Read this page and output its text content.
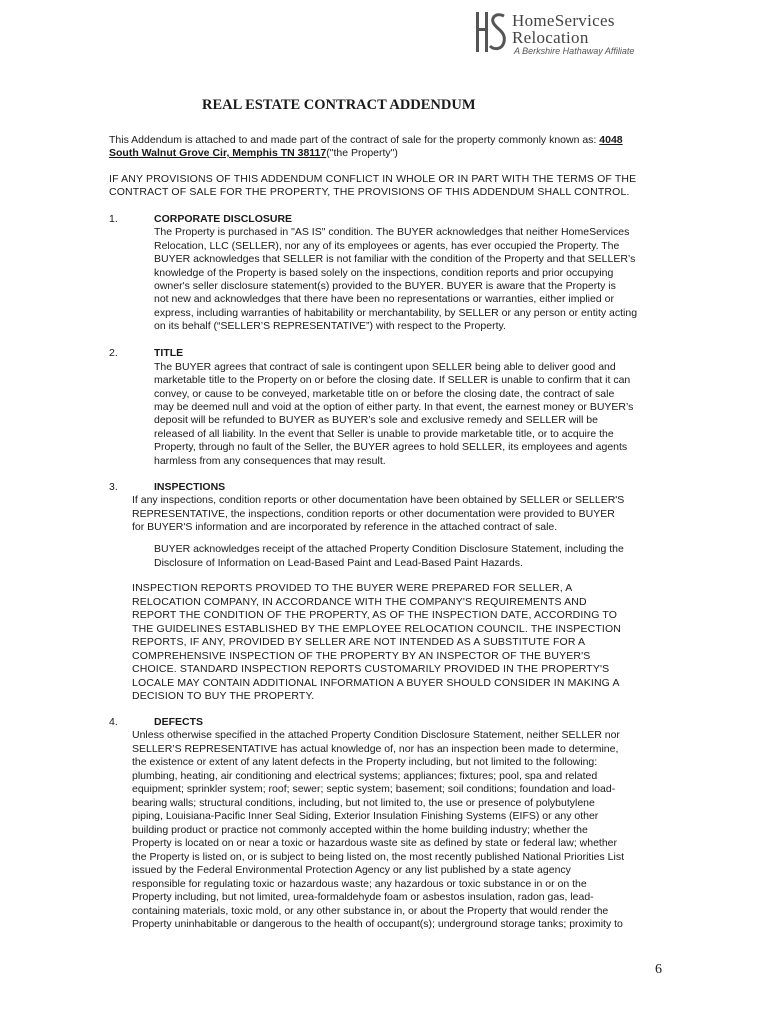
HomeServices
Relocation
A Berkshire Hathaway Affiliate
REAL ESTATE CONTRACT ADDENDUM
This Addendum is attached to and made part of the contract of sale for the property commonly known as: 4048
South Walnut Grove Cir, Memphis TN 38117("the Property")
IF ANY PROVISIONS OF THIS ADDENDUM CONFLICT IN WHOLE OR IN PART WITH THE TERMS OF THE
CONTRACT OF SALE FOR THE PROPERTY, THE PROVISIONS OF THIS ADDENDUM SHALL CONTROL.
1.	CORPORATE DISCLOSURE
The Property is purchased in "AS IS" condition. The BUYER acknowledges that neither HomeServices
Relocation, LLC (SELLER), nor any of its employees or agents, has ever occupied the Property. The
BUYER acknowledges that SELLER is not familiar with the condition of the Property and that SELLER’s
knowledge of the Property is based solely on the inspections, condition reports and prior occupying
owner's seller disclosure statement(s) provided to the BUYER. BUYER is aware that the Property is
not new and acknowledges that there have been no representations or warranties, either implied or
express, including warranties of habitability or merchantability, by SELLER or any person or entity acting
on its behalf (“SELLER’S REPRESENTATIVE”) with respect to the Property.
2.	TITLE
The BUYER agrees that contract of sale is contingent upon SELLER being able to deliver good and
marketable title to the Property on or before the closing date. If SELLER is unable to confirm that it can
convey, or cause to be conveyed, marketable title on or before the closing date, the contract of sale
may be deemed null and void at the option of either party. In that event, the earnest money or BUYER’s
deposit will be refunded to BUYER as BUYER’s sole and exclusive remedy and SELLER will be
released of all liability. In the event that Seller is unable to provide marketable title, or to acquire the
Property, through no fault of the Seller, the BUYER agrees to hold SELLER, its employees and agents
harmless from any consequences that may result.
3.	INSPECTIONS
If any inspections, condition reports or other documentation have been obtained by SELLER or SELLER'S
REPRESENTATIVE, the inspections, condition reports or other documentation were provided to BUYER
for BUYER'S information and are incorporated by reference in the attached contract of sale.
BUYER acknowledges receipt of the attached Property Condition Disclosure Statement, including the
Disclosure of Information on Lead-Based Paint and Lead-Based Paint Hazards.
INSPECTION REPORTS PROVIDED TO THE BUYER WERE PREPARED FOR SELLER, A
RELOCATION COMPANY, IN ACCORDANCE WITH THE COMPANY'S REQUIREMENTS AND
REPORT THE CONDITION OF THE PROPERTY, AS OF THE INSPECTION DATE, ACCORDING TO
THE GUIDELINES ESTABLISHED BY THE EMPLOYEE RELOCATION COUNCIL. THE INSPECTION
REPORTS, IF ANY, PROVIDED BY SELLER ARE NOT INTENDED AS A SUBSTITUTE FOR A
COMPREHENSIVE INSPECTION OF THE PROPERTY BY AN INSPECTOR OF THE BUYER'S
CHOICE. STANDARD INSPECTION REPORTS CUSTOMARILY PROVIDED IN THE PROPERTY'S
LOCALE MAY CONTAIN ADDITIONAL INFORMATION A BUYER SHOULD CONSIDER IN MAKING A
DECISION TO BUY THE PROPERTY.
4.	DEFECTS
Unless otherwise specified in the attached Property Condition Disclosure Statement, neither SELLER nor
SELLER’S REPRESENTATIVE has actual knowledge of, nor has an inspection been made to determine,
the existence or extent of any latent defects in the Property including, but not limited to the following:
plumbing, heating, air conditioning and electrical systems; appliances; fixtures; pool, spa and related
equipment; sprinkler system; roof; sewer; septic system; basement; soil conditions; foundation and load-
bearing walls; structural conditions, including, but not limited to, the use or presence of polybutylene
piping, Louisiana-Pacific Inner Seal Siding, Exterior Insulation Finishing Systems (EIFS) or any other
building product or practice not commonly accepted within the home building industry; whether the
Property is located on or near a toxic or hazardous waste site as defined by state or federal law; whether
the Property is listed on, or is subject to being listed on, the most recently published National Priorities List
issued by the Federal Environmental Protection Agency or any list published by a state agency
responsible for regulating toxic or hazardous waste; any hazardous or toxic substance in or on the
Property including, but not limited, urea-formaldehyde foam or asbestos insulation, radon gas, lead-
containing materials, toxic mold, or any other substance in, or about the Property that would render the
Property uninhabitable or dangerous to the health of occupant(s); underground storage tanks; proximity to
6
